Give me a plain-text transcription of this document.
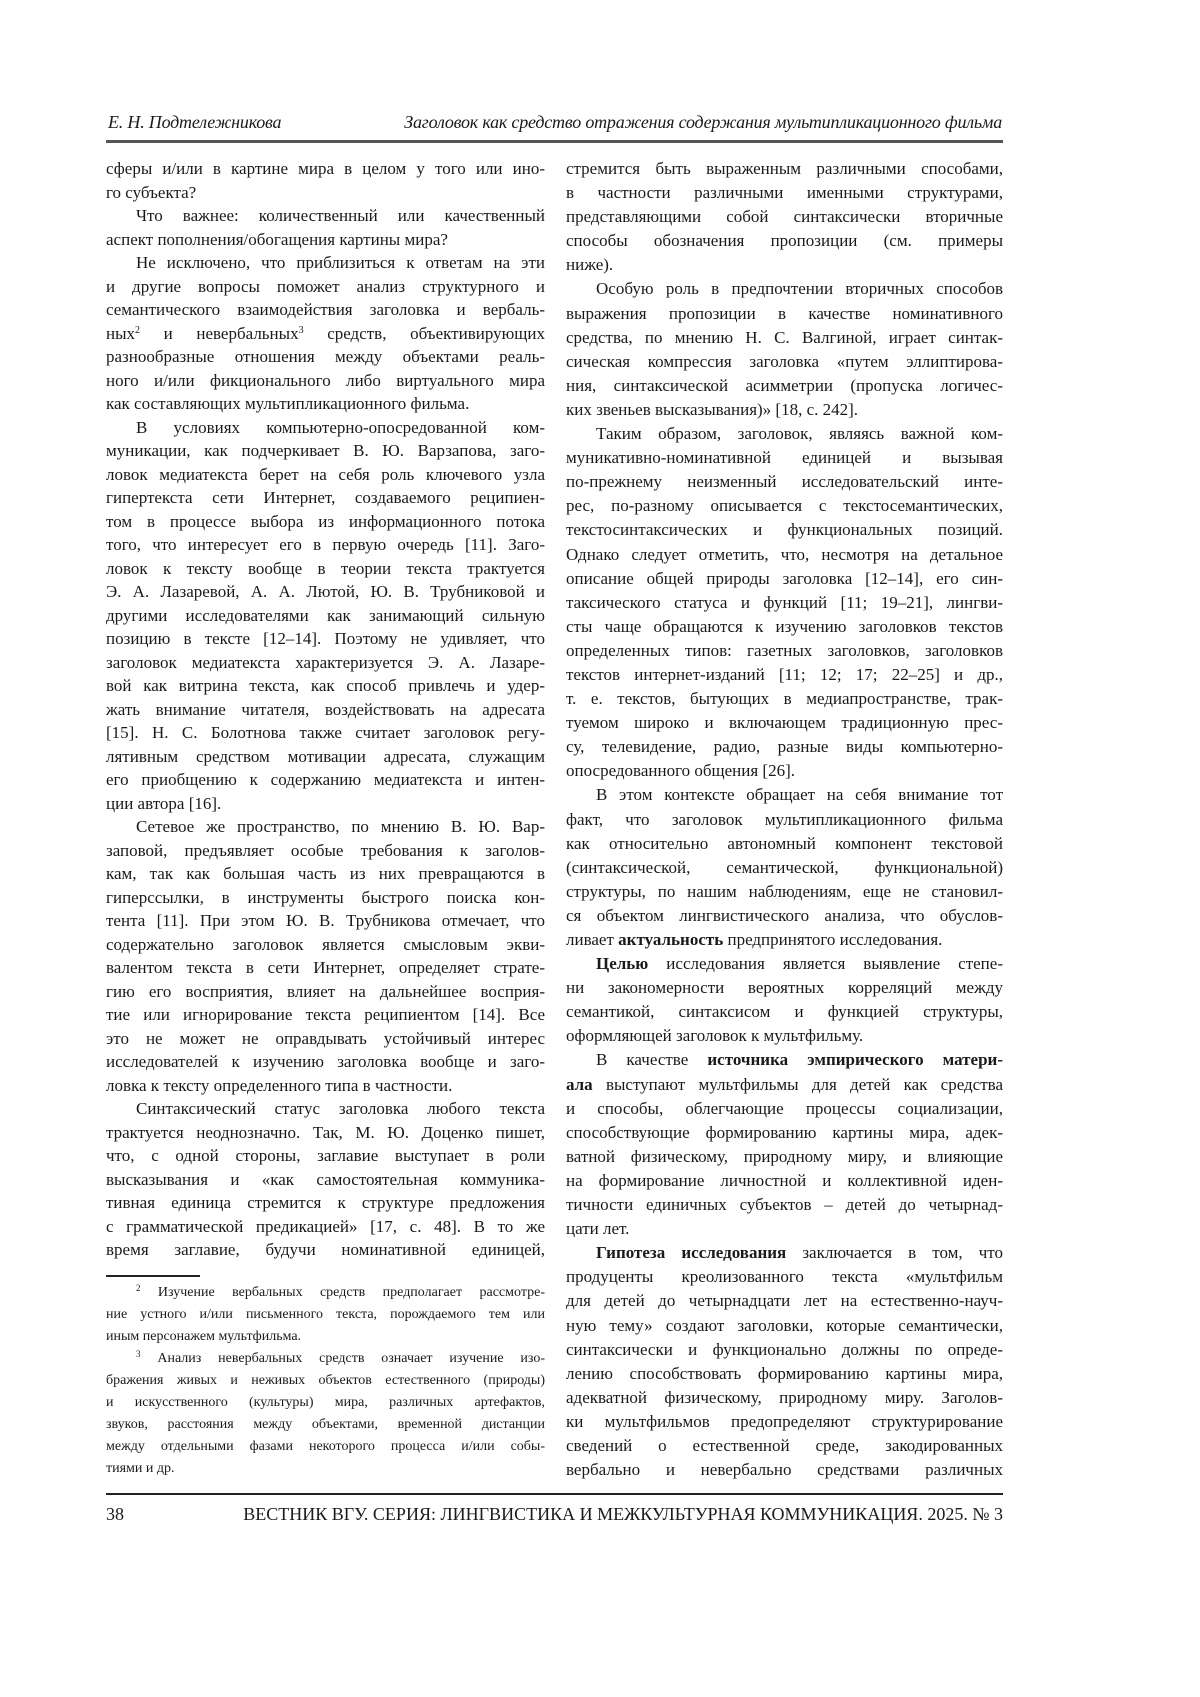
Е. Н. Подтележникова	Заголовок как средство отражения содержания мультипликационного фильма
сферы и/или в картине мира в целом у того или ино-
го субъекта?
Что важнее: количественный или качественный
аспект пополнения/обогащения картины мира?
Не исключено, что приблизиться к ответам на эти
и другие вопросы поможет анализ структурного и
семантического взаимодействия заголовка и вербаль-
ных2 и невербальных3 средств, объективирующих
разнообразные отношения между объектами реаль-
ного и/или фикционального либо виртуального мира
как составляющих мультипликационного фильма.
В условиях компьютерно-опосредованной ком-
муникации, как подчеркивает В. Ю. Варзапова, заго-
ловок медиатекста берет на себя роль ключевого узла
гипертекста сети Интернет, создаваемого реципиен-
том в процессе выбора из информационного потока
того, что интересует его в первую очередь [11]. Заго-
ловок к тексту вообще в теории текста трактуется
Э. А. Лазаревой, А. А. Лютой, Ю. В. Трубниковой и
другими исследователями как занимающий сильную
позицию в тексте [12–14]. Поэтому не удивляет, что
заголовок медиатекста характеризуется Э. А. Лазаре-
вой как витрина текста, как способ привлечь и удер-
жать внимание читателя, воздействовать на адресата
[15]. Н. С. Болотнова также считает заголовок регу-
лятивным средством мотивации адресата, служащим
его приобщению к содержанию медиатекста и интен-
ции автора [16].
Сетевое же пространство, по мнению В. Ю. Вар-
заповой, предъявляет особые требования к заголов-
кам, так как большая часть из них превращаются в
гиперссылки, в инструменты быстрого поиска кон-
тента [11]. При этом Ю. В. Трубникова отмечает, что
содержательно заголовок является смысловым экви-
валентом текста в сети Интернет, определяет страте-
гию его восприятия, влияет на дальнейшее восприя-
тие или игнорирование текста реципиентом [14]. Все
это не может не оправдывать устойчивый интерес
исследователей к изучению заголовка вообще и заго-
ловка к тексту определенного типа в частности.
Синтаксический статус заголовка любого текста
трактуется неоднозначно. Так, М. Ю. Доценко пишет,
что, с одной стороны, заглавие выступает в роли
высказывания и «как самостоятельная коммуника-
тивная единица стремится к структуре предложения
с грамматической предикацией» [17, с. 48]. В то же
время заглавие, будучи номинативной единицей,
стремится быть выраженным различными способами,
в частности различными именными структурами,
представляющими собой синтаксически вторичные
способы обозначения пропозиции (см. примеры
ниже).
Особую роль в предпочтении вторичных способов
выражения пропозиции в качестве номинативного
средства, по мнению Н. С. Валгиной, играет синтак-
сическая компрессия заголовка «путем эллиптирова-
ния, синтаксической асимметрии (пропуска логичес-
ких звеньев высказывания)» [18, с. 242].
Таким образом, заголовок, являясь важной ком-
муникативно-номинативной единицей и вызывая
по-прежнему неизменный исследовательский инте-
рес, по-разному описывается с текстосемантических,
текстосинтаксических и функциональных позиций.
Однако следует отметить, что, несмотря на детальное
описание общей природы заголовка [12–14], его син-
таксического статуса и функций [11; 19–21], лингви-
сты чаще обращаются к изучению заголовков текстов
определенных типов: газетных заголовков, заголовков
текстов интернет-изданий [11; 12; 17; 22–25] и др.,
т. е. текстов, бытующих в медиапространстве, трак-
туемом широко и включающем традиционную прес-
су, телевидение, радио, разные виды компьютерно-
опосредованного общения [26].
В этом контексте обращает на себя внимание тот
факт, что заголовок мультипликационного фильма
как относительно автономный компонент текстовой
(синтаксической, семантической, функциональной)
структуры, по нашим наблюдениям, еще не становил-
ся объектом лингвистического анализа, что обуслов-
ливает актуальность предпринятого исследования.
Целью исследования является выявление степе-
ни закономерности вероятных корреляций между
семантикой, синтаксисом и функцией структуры,
оформляющей заголовок к мультфильму.
В качестве источника эмпирического матери-
ала выступают мультфильмы для детей как средства
и способы, облегчающие процессы социализации,
способствующие формированию картины мира, адек-
ватной физическому, природному миру, и влияющие
на формирование личностной и коллективной иден-
тичности единичных субъектов – детей до четырнад-
цати лет.
Гипотеза исследования заключается в том, что
продуценты креолизованного текста «мультфильм
для детей до четырнадцати лет на естественно-науч-
ную тему» создают заголовки, которые семантически,
синтаксически и функционально должны по опреде-
лению способствовать формированию картины мира,
адекватной физическому, природному миру. Заголов-
ки мультфильмов предопределяют структурирование
сведений о естественной среде, закодированных
вербально и невербально средствами различных
2 Изучение вербальных средств предполагает рассмотре-
ние устного и/или письменного текста, порождаемого тем или
иным персонажем мультфильма.
3 Анализ невербальных средств означает изучение изо-
бражения живых и неживых объектов естественного (природы)
и искусственного (культуры) мира, различных артефактов,
звуков, расстояния между объектами, временной дистанции
между отдельными фазами некоторого процесса и/или собы-
тиями и др.
38	ВЕСТНИК ВГУ. СЕРИЯ: ЛИНГВИСТИКА И МЕЖКУЛЬТУРНАЯ КОММУНИКАЦИЯ. 2025. № 3
